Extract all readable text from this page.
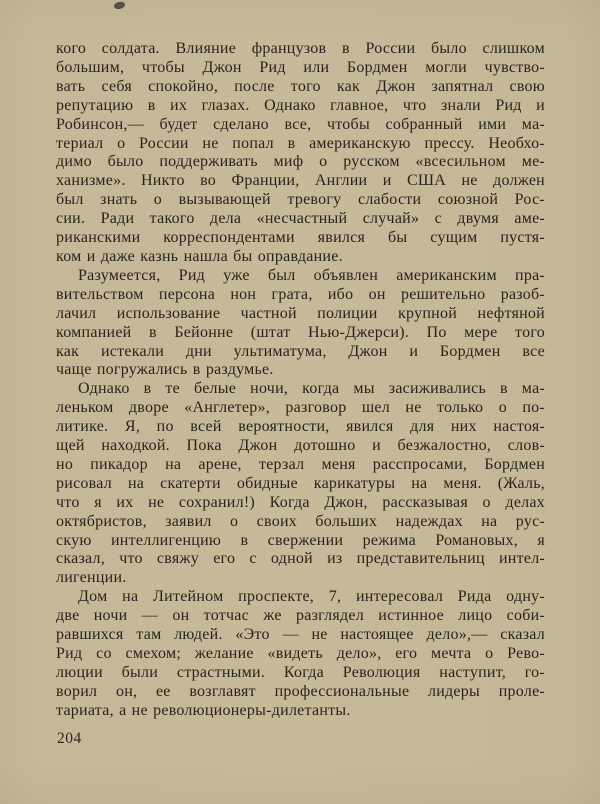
кого солдата. Влияние французов в России было слишком
большим, чтобы Джон Рид или Бордмен могли чувство-
вать себя спокойно, после того как Джон запятнал свою
репутацию в их глазах. Однако главное, что знали Рид и
Робинсон,— будет сделано все, чтобы собранный ими ма-
териал о России не попал в американскую прессу. Необхо-
димо было поддерживать миф о русском «всесильном ме-
ханизме». Никто во Франции, Англии и США не должен
был знать о вызывающей тревогу слабости союзной Рос-
сии. Ради такого дела «несчастный случай» с двумя аме-
риканскими корреспондентами явился бы сущим пустя-
ком и даже казнь нашла бы оправдание.
Разумеется, Рид уже был объявлен американским пра-
вительством персона нон грата, ибо он решительно разоб-
лачил использование частной полиции крупной нефтяной
компанией в Бейонне (штат Нью-Джерси). По мере того
как истекали дни ультиматума, Джон и Бордмен все
чаще погружались в раздумье.
Однако в те белые ночи, когда мы засиживались в ма-
леньком дворе «Англетер», разговор шел не только о по-
литике. Я, по всей вероятности, явился для них настоя-
щей находкой. Пока Джон дотошно и безжалостно, слов-
но пикадор на арене, терзал меня расспросами, Бордмен
рисовал на скатерти обидные карикатуры на меня. (Жаль,
что я их не сохранил!) Когда Джон, рассказывая о делах
октябристов, заявил о своих больших надеждах на рус-
скую интеллигенцию в свержении режима Романовых, я
сказал, что свяжу его с одной из представительниц интел-
лигенции.
Дом на Литейном проспекте, 7, интересовал Рида одну-
две ночи — он тотчас же разглядел истинное лицо соби-
равшихся там людей. «Это — не настоящее дело»,— сказал
Рид со смехом; желание «видеть дело», его мечта о Рево-
люции были страстными. Когда Революция наступит, го-
ворил он, ее возглавят профессиональные лидеры проле-
тариата, а не революционеры-дилетанты.
204
